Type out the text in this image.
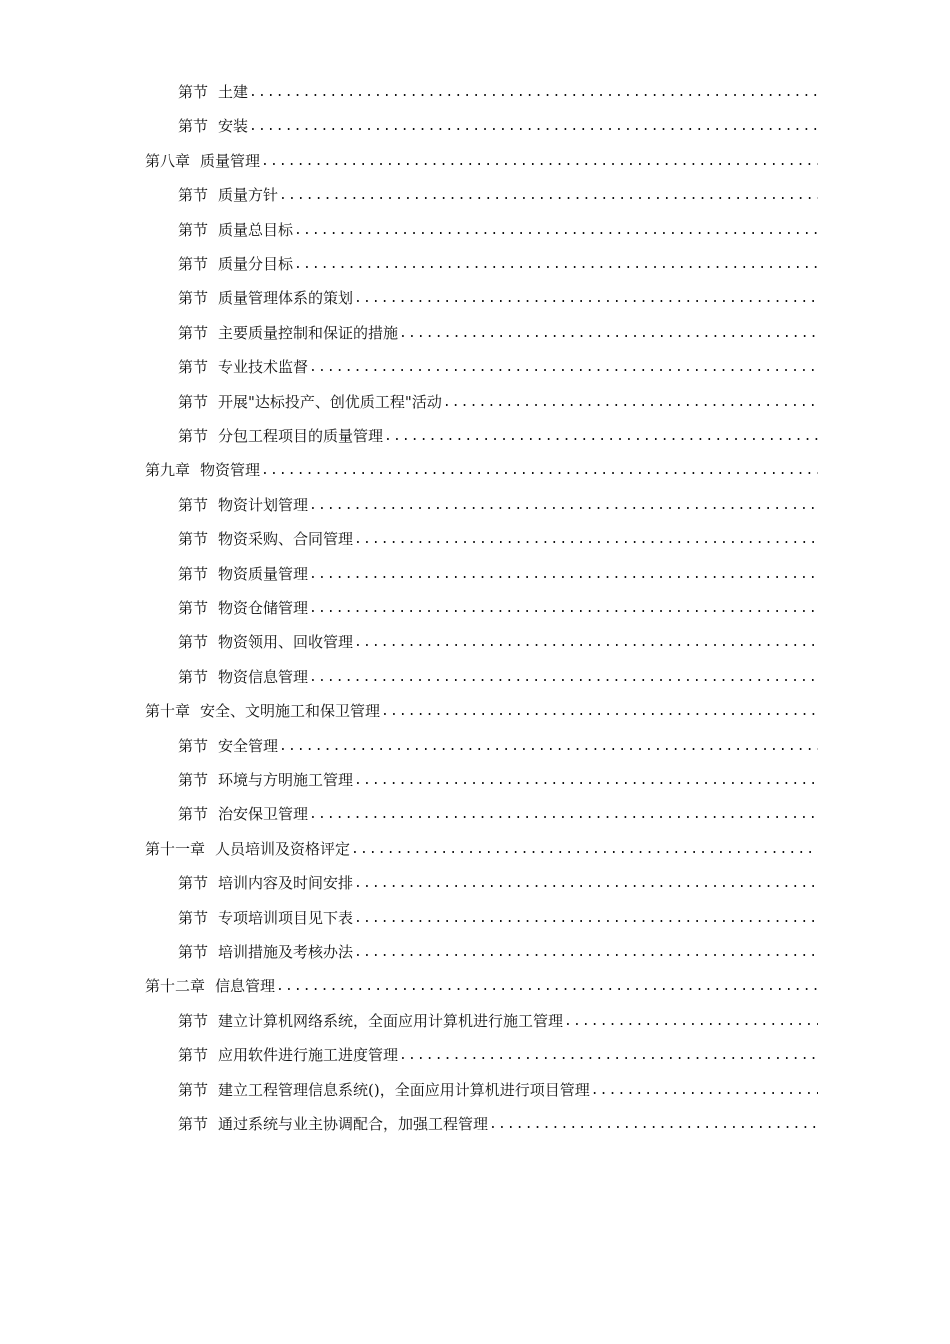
第节 土建
.....
第节 安装
.....
第八章 质量管理
.....
第节 质量方针
.....
第节 质量总目标
.....
第节 质量分目标
.....
第节 质量管理体系的策划
.....
第节 主要质量控制和保证的措施
.....
第节 专业技术监督
.....
第节 开展"达标投产、创优质工程"活动
.....
第节 分包工程项目的质量管理
.....
第九章 物资管理
.....
第节 物资计划管理
.....
第节 物资采购、合同管理
.....
第节 物资质量管理
.....
第节 物资仓储管理
.....
第节 物资领用、回收管理
.....
第节 物资信息管理
.....
第十章 安全、文明施工和保卫管理
.....
第节 安全管理
.....
第节 环境与方明施工管理
.....
第节 治安保卫管理
.....
第十一章 人员培训及资格评定
.....
第节 培训内容及时间安排
.....
第节 专项培训项目见下表
.....
第节 培训措施及考核办法
.....
第十二章 信息管理
.....
第节 建立计算机网络系统，全面应用计算机进行施工管理
.....
第节 应用软件进行施工进度管理
.....
第节 建立工程管理信息系统()，全面应用计算机进行项目管理
.....
第节 通过系统与业主协调配合，加强工程管理
.....
